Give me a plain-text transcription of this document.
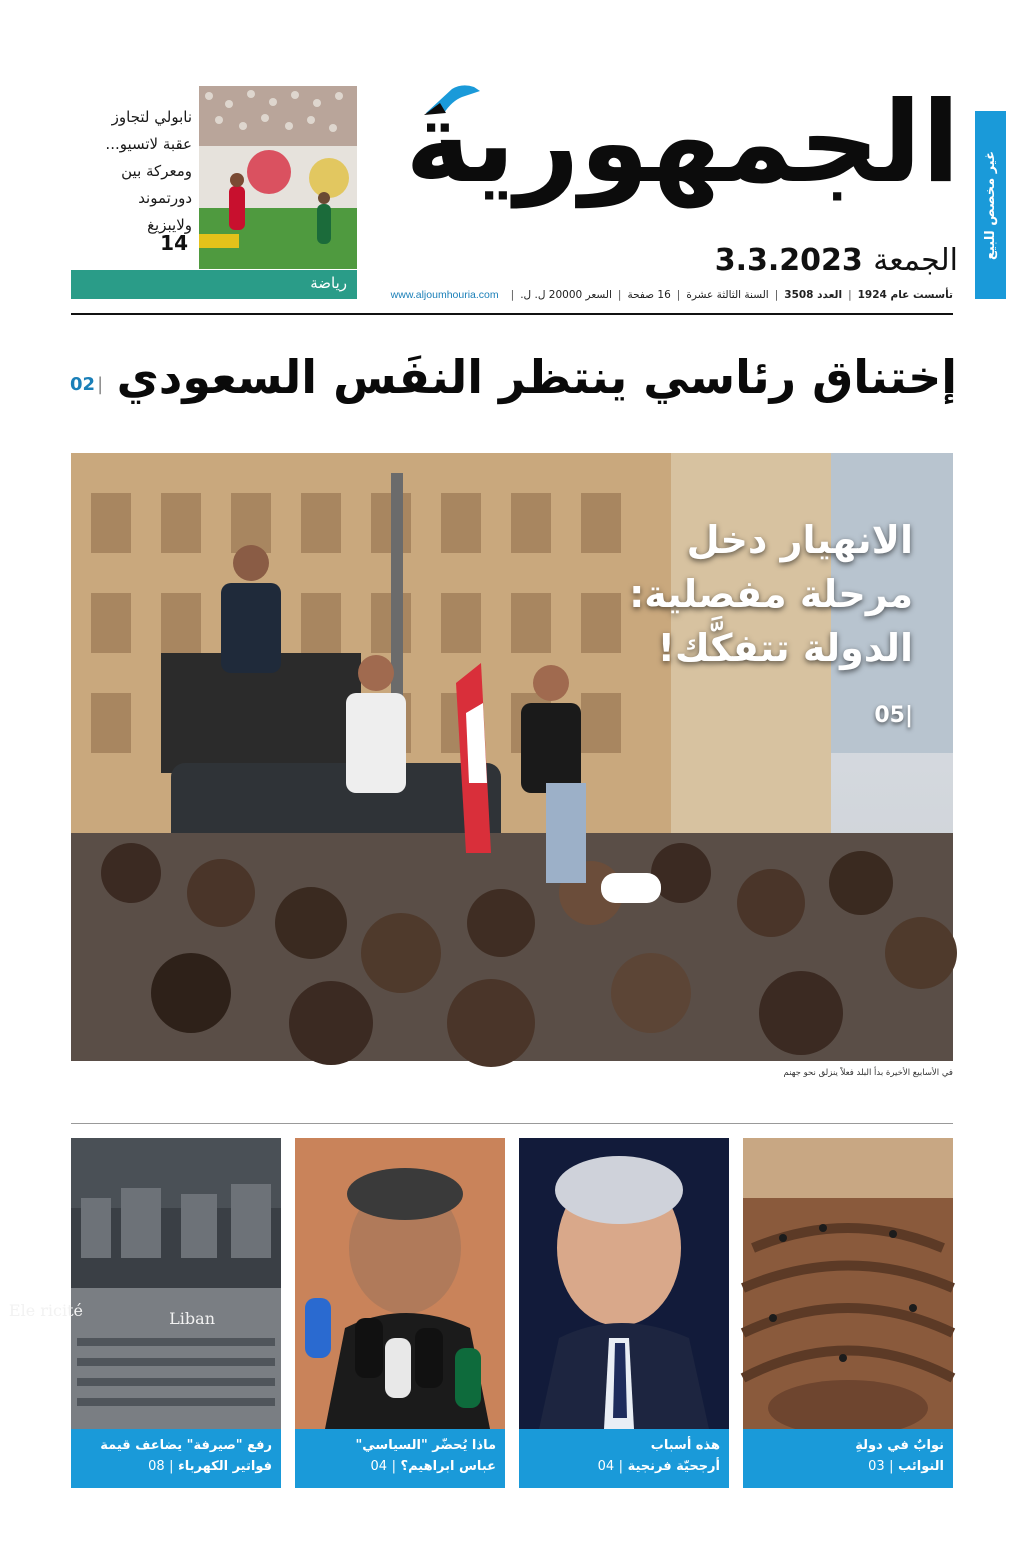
غير مخصص للبيع
الجمهورية
الجمعة 3.3.2023
تأسست عام 1924
|
العدد 3508
|
السنة الثالثة عشرة
|
16 صفحة
|
السعر 20000 ل. ل.
|
www.aljoumhouria.com
نابولي لتجاوز
عقبة لاتسيو...
ومعركة بين
دورتموند
ولايبزيغ
14
رياضة
إختناق رئاسي ينتظر النفَس السعودي
02 |
الانهيار دخل
مرحلة مفصلية:
الدولة تتفكَّك!
05|
في الأسابيع الأخيرة بدأ البلد فعلاً ينزلق نحو جهنم
نوابٌ في دولةِ
النوائب | 03
هذه أسباب
أرجحيّة فرنجية | 04
ماذا يُحضّر "السياسي"
عباس ابراهيم؟ | 04
Ele ricité	Liban
رفع "صيرفة" يضاعف قيمة
فواتير الكهرباء | 08
